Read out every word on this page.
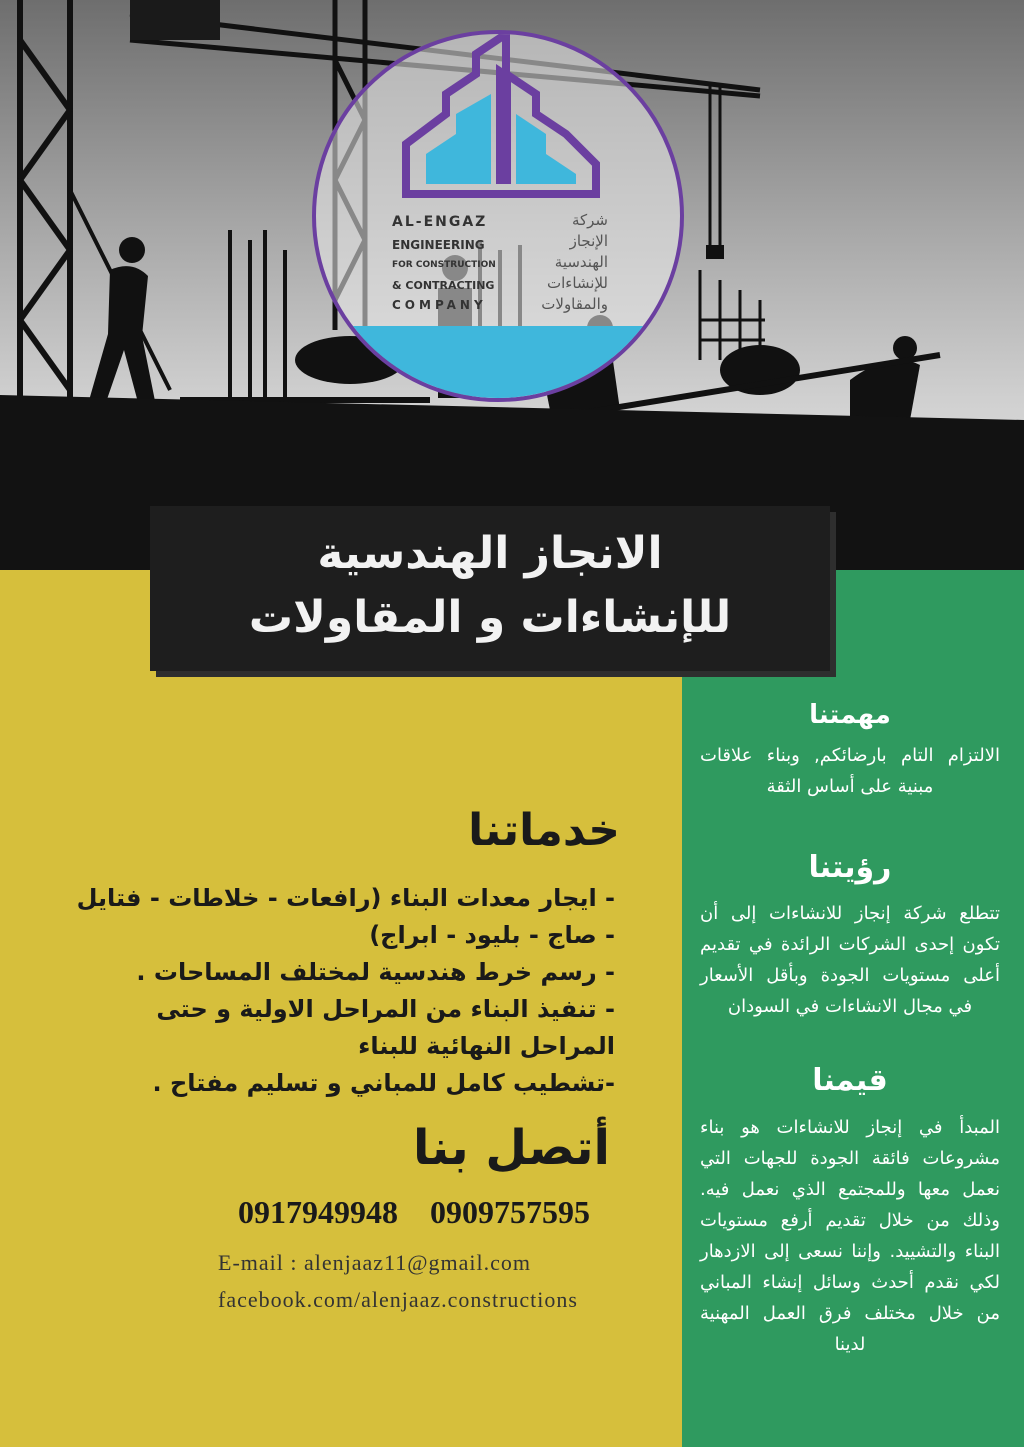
AL-ENGAZ
ENGINEERING
FOR CONSTRUCTION
& CONTRACTING
COMPANY
شركة
الإنجاز
الهندسية
للإنشاءات
والمقاولات
الانجاز الهندسية
للإنشاءات و المقاولات
مهمتنا
الالتزام التام بارضائكم, وبناء علاقات مبنية على أساس الثقة
رؤيتنا
تتطلع شركة إنجاز للانشاءات إلى أن تكون إحدى الشركات الرائدة في تقديم أعلى مستويات الجودة وبأقل الأسعار في مجال الانشاءات في السودان
قيمنا
المبدأ في إنجاز للانشاءات هو بناء مشروعات فائقة الجودة للجهات التي نعمل معها وللمجتمع الذي نعمل فيه. وذلك من خلال تقديم أرفع مستويات البناء والتشييد. وإننا نسعى إلى الازدهار لكي نقدم أحدث وسائل إنشاء المباني من خلال مختلف فرق العمل المهنية لدينا
خدماتنا
- ايجار معدات البناء (رافعات - خلاطات - فتايل - صاج - بليود - ابراج)
- رسم خرط هندسية لمختلف المساحات .
- تنفيذ البناء من المراحل الاولية و حتى المراحل النهائية للبناء
-تشطيب كامل للمباني و تسليم مفتاح .
أتصل بنا
0909757595
0917949948
E-mail : alenjaaz11@gmail.com
facebook.com/alenjaaz.constructions
